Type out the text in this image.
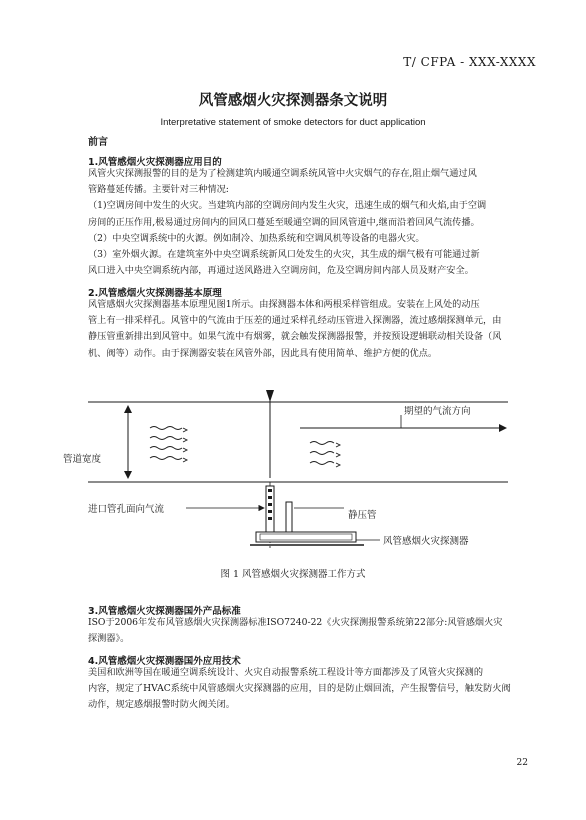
T/ CFPA - XXX-XXXX
风管感烟火灾探测器条文说明
Interpretative statement of smoke detectors for duct application
前言
1.风管感烟火灾探测器应用目的
风管火灾探测报警的目的是为了检测建筑内暖通空调系统风管中火灾烟气的存在,阻止烟气通过风
管路蔓延传播。主要针对三种情况:
（1)空调房间中发生的火灾。当建筑内部的空调房间内发生火灾，迅速生成的烟气和火焰,由于空调
房间的正压作用,极易通过房间内的回风口蔓延至暖通空调的回风管道中,继而沿着回风气流传播。
（2）中央空调系统中的火源。例如制冷、加热系统和空调风机等设备的电器火灾。
（3）室外烟火源。在建筑室外中央空调系统新风口处发生的火灾，其生成的烟气极有可能通过新
风口进入中央空调系统内部，再通过送风路进入空调房间，危及空调房间内部人员及财产安全。
2.风管感烟火灾探测器基本原理
风管感烟火灾探测器基本原理见图1所示。由探测器本体和两根采样管组成。安装在上风处的动压
管上有一排采样孔。风管中的气流由于压差的通过采样孔经动压管进入探测器，流过感烟探测单元，由
静压管重新排出到风管中。如果气流中有烟雾，就会触发探测器报警，并按预设逻辑联动相关设备（风
机、阀等）动作。由于探测器安装在风管外部，因此具有使用简单、维护方便的优点。
期望的气流方向
管道宽度
进口管孔面向气流
静压管
风管感烟火灾探测器
图 1 风管感烟火灾探测器工作方式
3.风管感烟火灾探测器国外产品标准
ISO于2006年发布风管感烟火灾探测器标准ISO7240-22《火灾探测报警系统第22部分:风管感烟火灾
探测器》。
4.风管感烟火灾探测器国外应用技术
美国和欧洲等国在暖通空调系统设计、火灾自动报警系统工程设计等方面都涉及了风管火灾探测的
内容，规定了HVAC系统中风管感烟火灾探测器的应用，目的是防止烟回流，产生报警信号，触发防火阀
动作，规定感烟报警时防火阀关闭。
22
